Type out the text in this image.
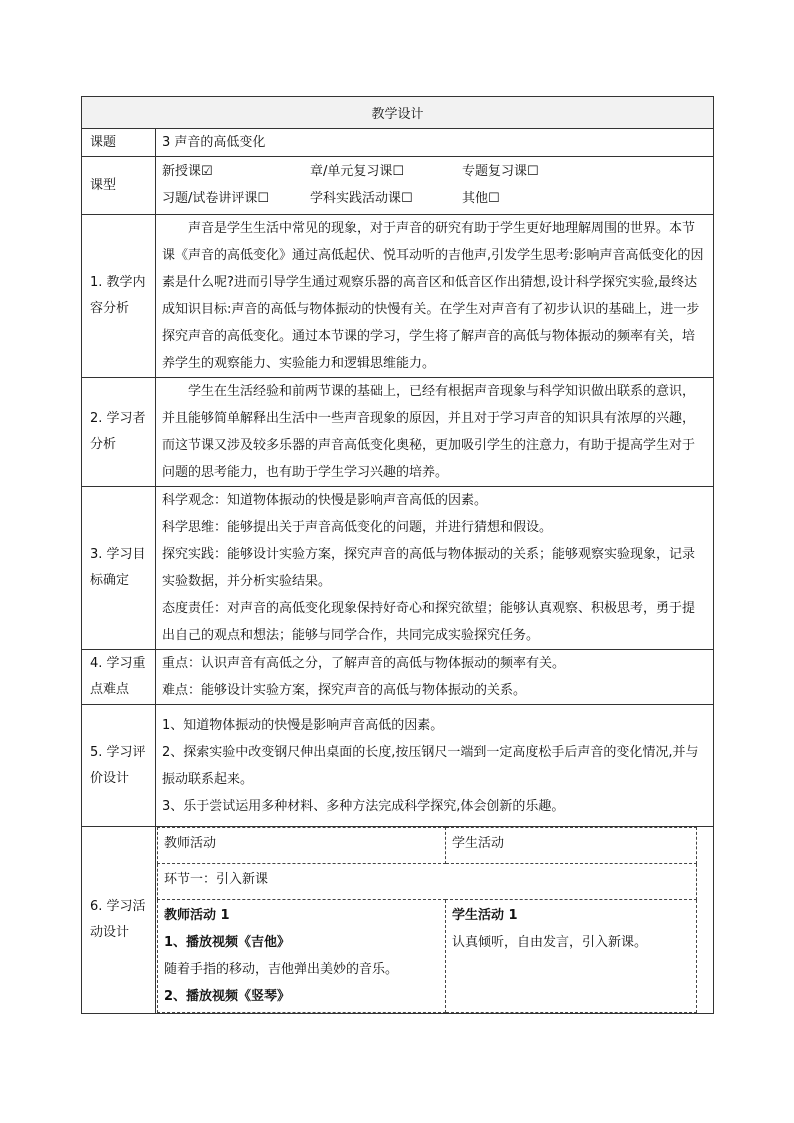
教学设计
课题	3 声音的高低变化
课型	
新授课☑	章/单元复习课☐	专题复习课☐
习题/试卷讲评课☐	学科实践活动课☐	其他☐

1. 教学内容分析	

声音是学生生活中常见的现象，对于声音的研究有助于学生更好地理解周围的世界。本节课《声音的高低变化》通过高低起伏、悦耳动听的吉他声,引发学生思考:影响声音高低变化的因素是什么呢?进而引导学生通过观察乐器的高音区和低音区作出猜想,设计科学探究实验,最终达成知识目标:声音的高低与物体振动的快慢有关。在学生对声音有了初步认识的基础上，进一步探究声音的高低变化。通过本节课的学习，学生将了解声音的高低与物体振动的频率有关，培养学生的观察能力、实验能力和逻辑思维能力。

2. 学习者分析	

学生在生活经验和前两节课的基础上，已经有根据声音现象与科学知识做出联系的意识，并且能够简单解释出生活中一些声音现象的原因，并且对于学习声音的知识具有浓厚的兴趣，而这节课又涉及较多乐器的声音高低变化奥秘，更加吸引学生的注意力，有助于提高学生对于问题的思考能力，也有助于学生学习兴趣的培养。

3. 学习目标确定	

科学观念：知道物体振动的快慢是影响声音高低的因素。

科学思维：能够提出关于声音高低变化的问题，并进行猜想和假设。

探究实践：能够设计实验方案，探究声音的高低与物体振动的关系；能够观察实验现象，记录实验数据，并分析实验结果。

态度责任：对声音的高低变化现象保持好奇心和探究欲望；能够认真观察、积极思考，勇于提出自己的观点和想法；能够与同学合作，共同完成实验探究任务。

4. 学习重点难点	

重点：认识声音有高低之分，了解声音的高低与物体振动的频率有关。

难点：能够设计实验方案，探究声音的高低与物体振动的关系。

5. 学习评价设计	

1、知道物体振动的快慢是影响声音高低的因素。

2、探索实验中改变钢尺伸出桌面的长度,按压钢尺一端到一定高度松手后声音的变化情况,并与振动联系起来。

3、乐于尝试运用多种材料、多种方法完成科学探究,体会创新的乐趣。

6. 学习活动设计	
教师活动	学生活动
环节一：引入新课

教师活动 1

1、播放视频《吉他》

随着手指的移动，吉他弹出美妙的音乐。

2、播放视频《竖琴》

学生活动 1

认真倾听，自由发言，引入新课。
